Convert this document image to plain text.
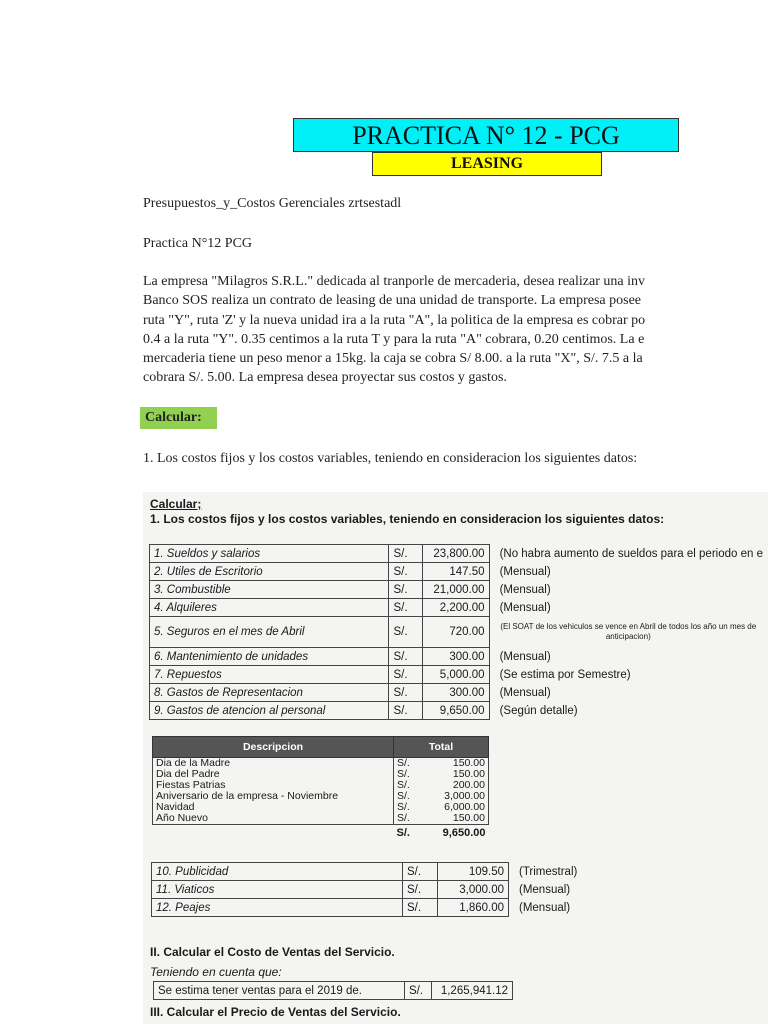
PRACTICA N° 12 - PCG
LEASING
Presupuestos_y_Costos Gerenciales zrtsestadl
Practica N°12 PCG
La empresa "Milagros S.R.L." dedicada al tranporle de mercaderia, desea realizar una inv
Banco SOS realiza un contrato de leasing de una unidad de transporte. La empresa posee
ruta "Y", ruta 'Z' y la nueva unidad ira a la ruta "A", la politica de la empresa es cobrar po
0.4 a la ruta "Y". 0.35 centimos a la ruta T y para la ruta "A" cobrara, 0.20 centimos. La e
mercaderia tiene un peso menor a 15kg. la caja se cobra S/ 8.00. a la ruta "X", S/. 7.5 a la
cobrara S/. 5.00. La empresa desea proyectar sus costos y gastos.
Calcular:
1. Los costos fijos y los costos variables, teniendo en consideracion los siguientes datos:
Calcular;
1. Los costos fijos y los costos variables, teniendo en consideracion los siguientes datos:
1. Sueldos y salarios	S/.	23,800.00	(No habra aumento de sueldos para el periodo en e
2. Utiles de Escritorio	S/.	147.50	(Mensual)
3. Combustible	S/.	21,000.00	(Mensual)
4. Alquileres	S/.	2,200.00	(Mensual)
5. Seguros en el mes de Abril	S/.	720.00	(El SOAT de los vehiculos se vence en Abril de todos los año un mes de anticipacion)
6. Mantenimiento de unidades	S/.	300.00	(Mensual)
7. Repuestos	S/.	5,000.00	(Se estima por Semestre)
8. Gastos de Representacion	S/.	300.00	(Mensual)
9. Gastos de atencion al personal	S/.	9,650.00	(Según detalle)
Descripcion	Total	
Dia de la Madre	S/.	150.00
Dia del Padre	S/.	150.00
Fiestas Patrias	S/.	200.00
Aniversario de la empresa - Noviembre	S/.	3,000.00
Navidad	S/.	6,000.00
Año Nuevo	S/.	150.00
	S/.	9,650.00
10. Publicidad	S/.	109.50	(Trimestral)
11. Viaticos	S/.	3,000.00	(Mensual)
12. Peajes	S/.	1,860.00	(Mensual)
II. Calcular el Costo de Ventas del Servicio.
Teniendo en cuenta que:
Se estima tener ventas para el 2019 de.	S/.	1,265,941.12
III. Calcular el Precio de Ventas del Servicio.
